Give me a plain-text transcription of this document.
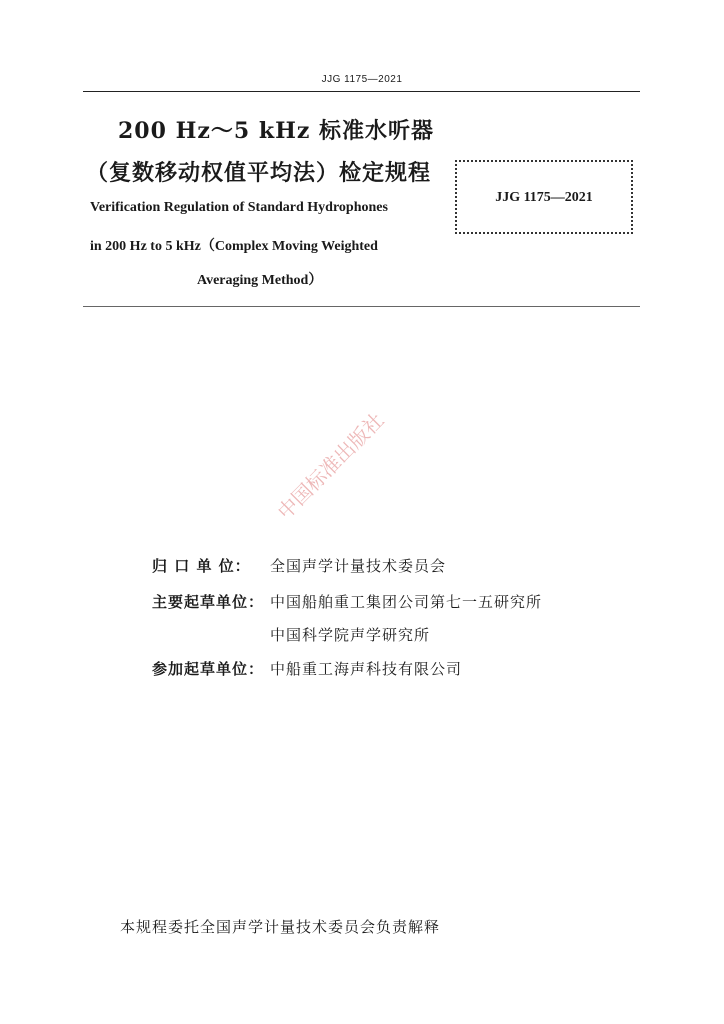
JJG 1175—2021
200 Hz～5 kHz 标准水听器
（复数移动权值平均法）检定规程
Verification Regulation of Standard Hydrophones
in 200 Hz to 5 kHz（Complex Moving Weighted
Averaging Method）
JJG 1175—2021
中国标准出版社
归 口 单 位： 全国声学计量技术委员会
主要起草单位： 中国船舶重工集团公司第七一五研究所
中国科学院声学研究所
参加起草单位： 中船重工海声科技有限公司
本规程委托全国声学计量技术委员会负责解释
